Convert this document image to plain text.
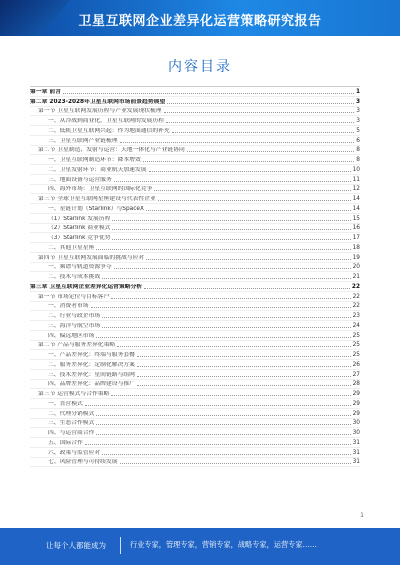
卫星互联网企业差异化运营策略研究报告
内容目录
第一章 前言	1
第二章 2023-2028年卫星互联网市场前景趋势展望	3
第一节 卫星互联网发展历程与产业发展现状梳理	3
一、从冷战到商业化，卫星互联网的发展历程	3
二、低轨卫星互联网兴起：作为地面通信的补充	5
三、卫星互联网产业链梳理	6
第二节 卫星制造、发射与运营：天地一体化与产业链协同	8
一、卫星互联网制造环节：降本增效	8
二、卫星发射环节：商业航天加速发展	10
三、地面设备与运营服务	11
四、海外市场：卫星互联网的国际化竞争	12
第三节 全球卫星互联网星座建设与代表性企业	14
一、星链计划（Starlink）与SpaceX	14
（1）Starlink 发展历程	15
（2）Starlink 商业模式	16
（3）Starlink 竞争优势	17
二、其他卫星星座	18
第四节 卫星互联网发展面临的挑战与应对	19
一、频谱与轨道资源争夺	20
二、技术与成本挑战	21
第三章 卫星互联网企业差异化运营策略分析	22
第一节 市场定位与目标客户	22
一、消费者市场	22
二、行业与政企市场	23
三、海洋与航空市场	24
四、偏远地区市场	25
第二节 产品与服务差异化策略	25
一、产品差异化：终端与服务套餐	25
二、服务差异化：定制化解决方案	26
三、技术差异化：星间链路与组网	27
四、品牌差异化：品牌建设与推广	28
第三节 运营模式与合作策略	29
一、直营模式	29
二、代理分销模式	29
三、生态合作模式	30
四、与运营商合作	30
五、国际合作	31
六、政策与监管应对	31
七、风险管理与可持续发展	31
1
让每个人都能成为	行业专家，管理专家，营销专家，战略专家，运营专家……
